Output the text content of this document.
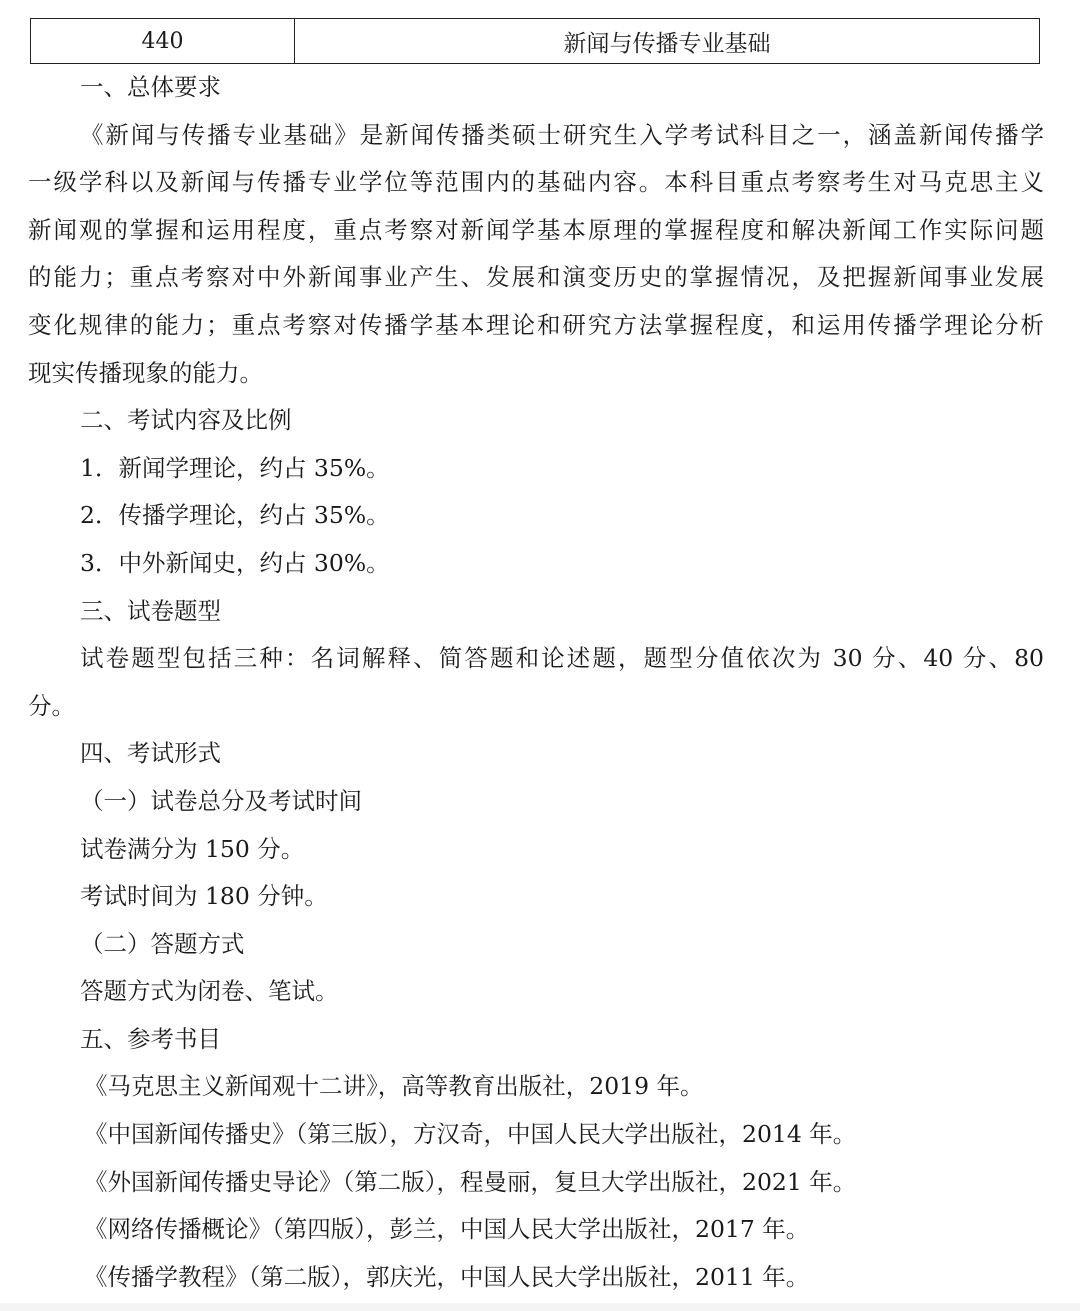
440	新闻与传播专业基础
一、总体要求
《新闻与传播专业基础》是新闻传播类硕士研究生入学考试科目之一，涵盖新闻传播学
一级学科以及新闻与传播专业学位等范围内的基础内容。本科目重点考察考生对马克思主义
新闻观的掌握和运用程度，重点考察对新闻学基本原理的掌握程度和解决新闻工作实际问题
的能力；重点考察对中外新闻事业产生、发展和演变历史的掌握情况，及把握新闻事业发展
变化规律的能力；重点考察对传播学基本理论和研究方法掌握程度，和运用传播学理论分析
现实传播现象的能力。
二、考试内容及比例
1．新闻学理论，约占 35%。
2．传播学理论，约占 35%。
3．中外新闻史，约占 30%。
三、试卷题型
试卷题型包括三种：名词解释、简答题和论述题，题型分值依次为 30 分、40 分、80
分。
四、考试形式
（一）试卷总分及考试时间
试卷满分为 150 分。
考试时间为 180 分钟。
（二）答题方式
答题方式为闭卷、笔试。
五、参考书目
《马克思主义新闻观十二讲》，高等教育出版社，2019 年。
《中国新闻传播史》（第三版），方汉奇，中国人民大学出版社，2014 年。
《外国新闻传播史导论》（第二版），程曼丽，复旦大学出版社，2021 年。
《网络传播概论》（第四版），彭兰，中国人民大学出版社，2017 年。
《传播学教程》（第二版），郭庆光，中国人民大学出版社，2011 年。
